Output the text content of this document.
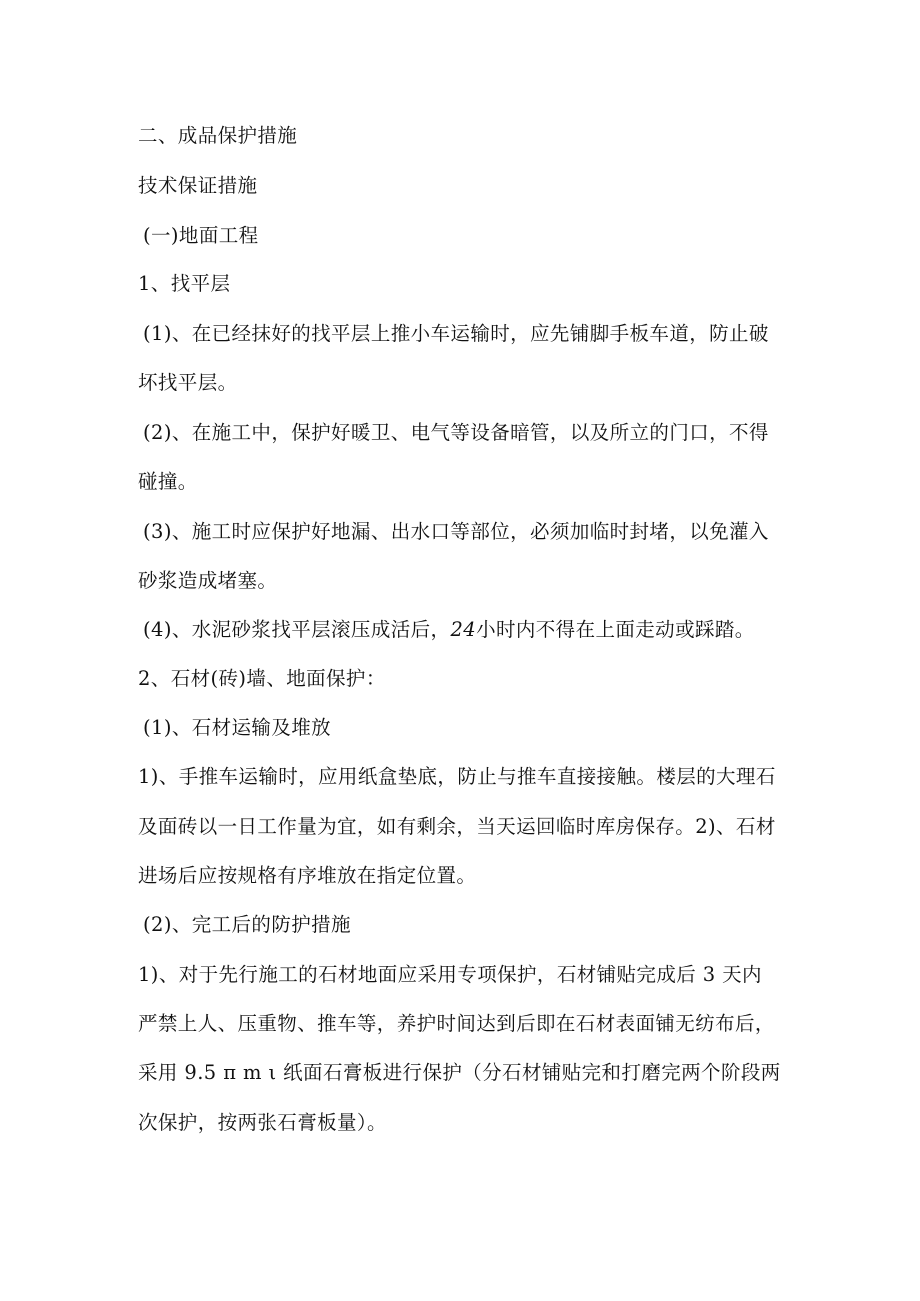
二、成品保护措施
技术保证措施
(一)地面工程
1、找平层
(1)、在已经抹好的找平层上推小车运输时，应先铺脚手板车道，防止破
坏找平层。
(2)、在施工中，保护好暖卫、电气等设备暗管，以及所立的门口，不得
碰撞。
(3)、施工时应保护好地漏、出水口等部位，必须加临时封堵，以免灌入
砂浆造成堵塞。
(4)、水泥砂浆找平层滚压成活后，24小时内不得在上面走动或踩踏。
2、石材(砖)墙、地面保护：
(1)、石材运输及堆放
1)、手推车运输时，应用纸盒垫底，防止与推车直接接触。楼层的大理石
及面砖以一日工作量为宜，如有剩余，当天运回临时库房保存。2)、石材
进场后应按规格有序堆放在指定位置。
(2)、完工后的防护措施
1)、对于先行施工的石材地面应采用专项保护，石材铺贴完成后 3 天内
严禁上人、压重物、推车等，养护时间达到后即在石材表面铺无纺布后，
采用 9.5 π m ι 纸面石膏板进行保护（分石材铺贴完和打磨完两个阶段两
次保护，按两张石膏板量）。
